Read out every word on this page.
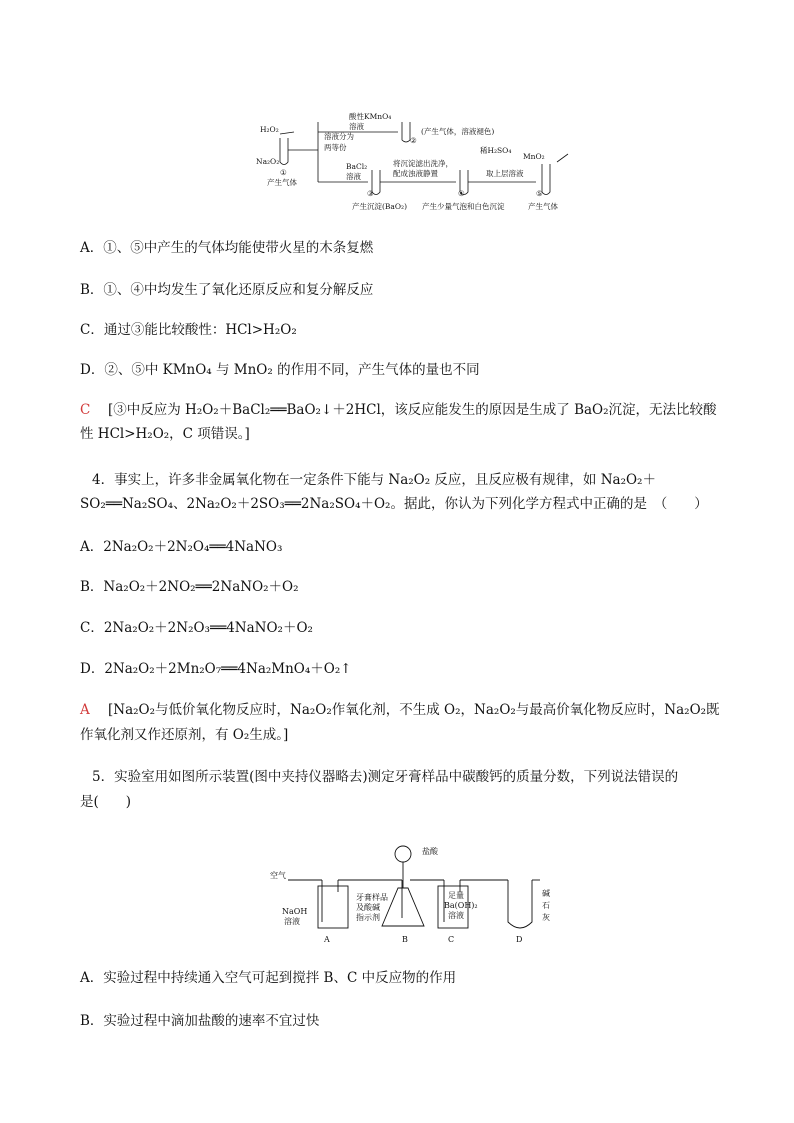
H₂O₂
Na₂O₂
溶液分为
两等份
酸性KMnO₄
溶液
(产生气体，溶液褪色)
BaCl₂
溶液
将沉淀滤出洗净，
配成浊液静置
稀H₂SO₄
MnO₂
取上层溶液
①
②
③	④	⑤
产生气体
产生沉淀(BaO₂) 产生少量气泡和白色沉淀	产生气体
A．①、⑤中产生的气体均能使带火星的木条复燃
B．①、④中均发生了氧化还原反应和复分解反应
C．通过③能比较酸性：HCl>H₂O₂
D．②、⑤中 KMnO₄ 与 MnO₂ 的作用不同，产生气体的量也不同
C [③中反应为 H₂O₂＋BaCl₂══BaO₂↓＋2HCl，该反应能发生的原因是生成了 BaO₂沉淀，无法比较酸
性 HCl>H₂O₂，C 项错误。]
4．事实上，许多非金属氧化物在一定条件下能与 Na₂O₂ 反应，且反应极有规律，如 Na₂O₂＋
SO₂══Na₂SO₄、2Na₂O₂＋2SO₃══2Na₂SO₄＋O₂。据此，你认为下列化学方程式中正确的是　（　　）
A．2Na₂O₂＋2N₂O₄══4NaNO₃
B．Na₂O₂＋2NO₂══2NaNO₂＋O₂
C．2Na₂O₂＋2N₂O₃══4NaNO₂＋O₂
D．2Na₂O₂＋2Mn₂O₇══4Na₂MnO₄＋O₂↑
A [Na₂O₂与低价氧化物反应时，Na₂O₂作氧化剂，不生成 O₂，Na₂O₂与最高价氧化物反应时，Na₂O₂既
作氧化剂又作还原剂，有 O₂生成。]
5．实验室用如图所示装置(图中夹持仪器略去)测定牙膏样品中碳酸钙的质量分数，下列说法错误的
是(　　)
盐酸
空气
NaOH
溶液
牙膏样品
及酸碱
指示剂
足量
Ba(OH)₂
溶液
碱
石
灰
A	B	C	D
A．实验过程中持续通入空气可起到搅拌 B、C 中反应物的作用
B．实验过程中滴加盐酸的速率不宜过快
